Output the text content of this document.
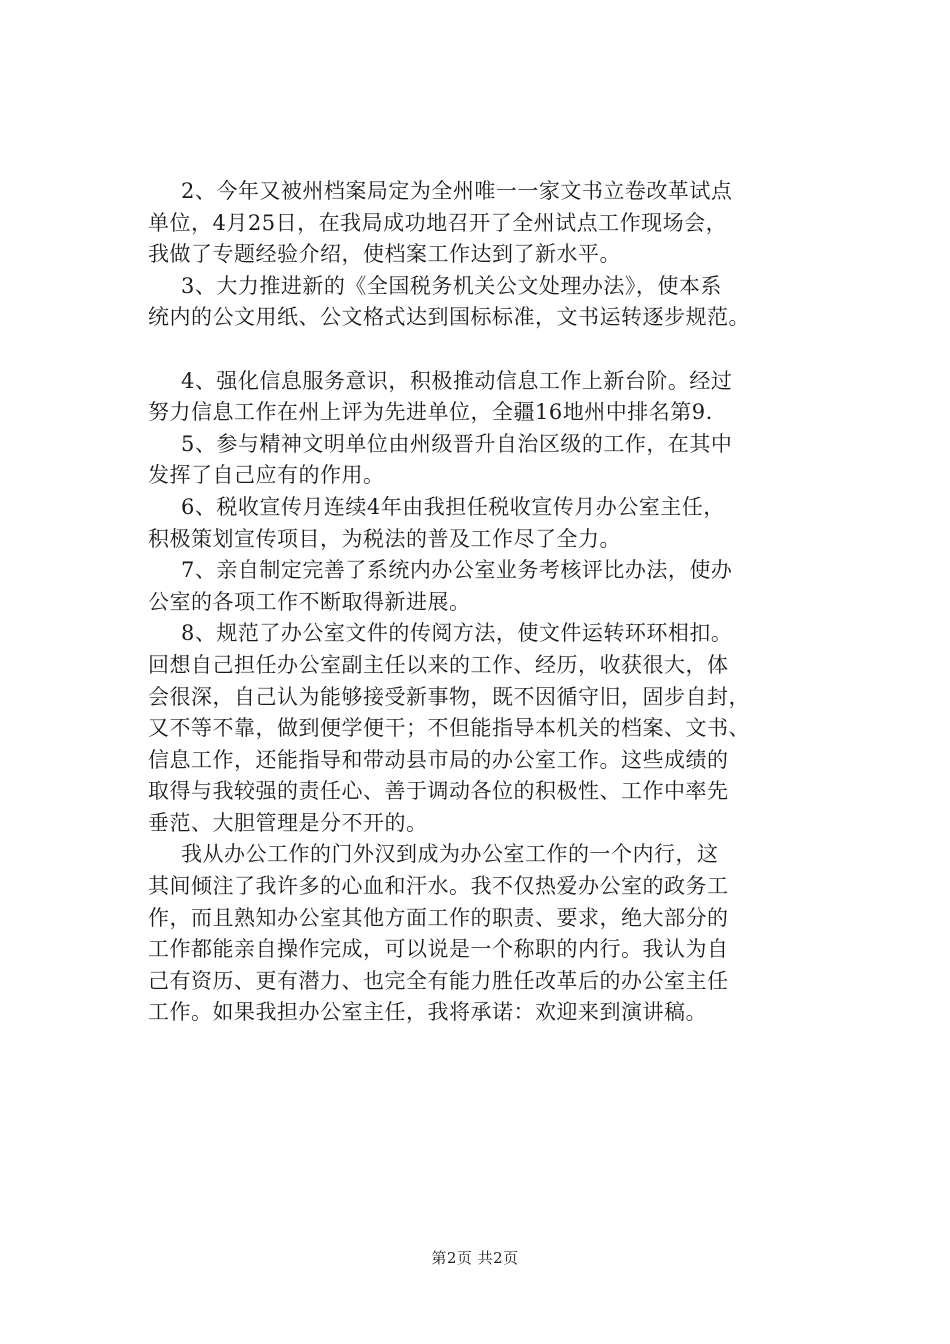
2、今年又被州档案局定为全州唯一一家文书立卷改革试点
单位，4月25日，在我局成功地召开了全州试点工作现场会，
我做了专题经验介绍，使档案工作达到了新水平。
3、大力推进新的《全国税务机关公文处理办法》，使本系
统内的公文用纸、公文格式达到国标标准，文书运转逐步规范。
4、强化信息服务意识，积极推动信息工作上新台阶。经过
努力信息工作在州上评为先进单位，全疆16地州中排名第9.
5、参与精神文明单位由州级晋升自治区级的工作，在其中
发挥了自己应有的作用。
6、税收宣传月连续4年由我担任税收宣传月办公室主任，
积极策划宣传项目，为税法的普及工作尽了全力。
7、亲自制定完善了系统内办公室业务考核评比办法，使办
公室的各项工作不断取得新进展。
8、规范了办公室文件的传阅方法，使文件运转环环相扣。
回想自己担任办公室副主任以来的工作、经历，收获很大，体
会很深，自己认为能够接受新事物，既不因循守旧，固步自封，
又不等不靠，做到便学便干；不但能指导本机关的档案、文书、
信息工作，还能指导和带动县市局的办公室工作。这些成绩的
取得与我较强的责任心、善于调动各位的积极性、工作中率先
垂范、大胆管理是分不开的。
我从办公工作的门外汉到成为办公室工作的一个内行，这
其间倾注了我许多的心血和汗水。我不仅热爱办公室的政务工
作，而且熟知办公室其他方面工作的职责、要求，绝大部分的
工作都能亲自操作完成，可以说是一个称职的内行。我认为自
己有资历、更有潜力、也完全有能力胜任改革后的办公室主任
工作。如果我担办公室主任，我将承诺：欢迎来到演讲稿。
第2页 共2页
